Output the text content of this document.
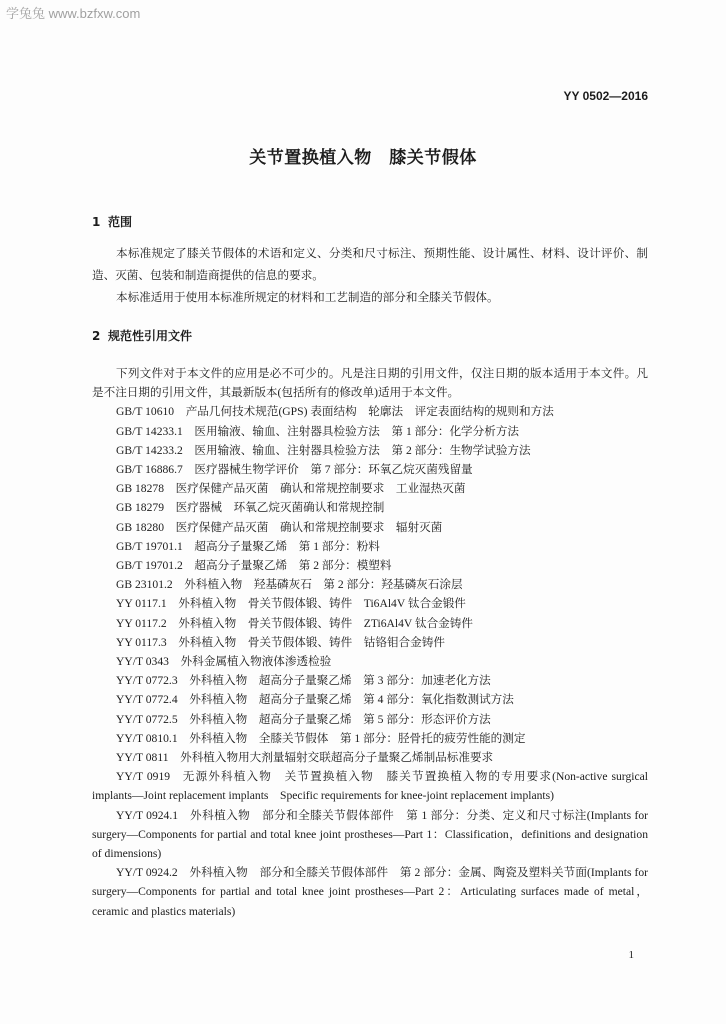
学兔兔 www.bzfxw.com
YY 0502—2016
关节置换植入物　膝关节假体
1 范围

本标准规定了膝关节假体的术语和定义、分类和尺寸标注、预期性能、设计属性、材料、设计评价、制造、灭菌、包装和制造商提供的信息的要求。

本标准适用于使用本标准所规定的材料和工艺制造的部分和全膝关节假体。

2 规范性引用文件

下列文件对于本文件的应用是必不可少的。凡是注日期的引用文件，仅注日期的版本适用于本文件。凡是不注日期的引用文件，其最新版本(包括所有的修改单)适用于本文件。

GB/T 10610 产品几何技术规范(GPS) 表面结构　轮廓法　评定表面结构的规则和方法

GB/T 14233.1 医用输液、输血、注射器具检验方法　第 1 部分：化学分析方法

GB/T 14233.2 医用输液、输血、注射器具检验方法　第 2 部分：生物学试验方法

GB/T 16886.7 医疗器械生物学评价　第 7 部分：环氧乙烷灭菌残留量

GB 18278 医疗保健产品灭菌　确认和常规控制要求　工业湿热灭菌

GB 18279 医疗器械　环氧乙烷灭菌确认和常规控制

GB 18280 医疗保健产品灭菌　确认和常规控制要求　辐射灭菌

GB/T 19701.1 超高分子量聚乙烯　第 1 部分：粉料

GB/T 19701.2 超高分子量聚乙烯　第 2 部分：模塑料

GB 23101.2 外科植入物　羟基磷灰石　第 2 部分：羟基磷灰石涂层

YY 0117.1 外科植入物　骨关节假体锻、铸件　Ti6Al4V 钛合金锻件

YY 0117.2 外科植入物　骨关节假体锻、铸件　ZTi6Al4V 钛合金铸件

YY 0117.3 外科植入物　骨关节假体锻、铸件　钴铬钼合金铸件

YY/T 0343 外科金属植入物液体渗透检验

YY/T 0772.3 外科植入物　超高分子量聚乙烯　第 3 部分：加速老化方法

YY/T 0772.4 外科植入物　超高分子量聚乙烯　第 4 部分：氧化指数测试方法

YY/T 0772.5 外科植入物　超高分子量聚乙烯　第 5 部分：形态评价方法

YY/T 0810.1 外科植入物　全膝关节假体　第 1 部分：胫骨托的疲劳性能的测定

YY/T 0811 外科植入物用大剂量辐射交联超高分子量聚乙烯制品标准要求

YY/T 0919 无源外科植入物　关节置换植入物　膝关节置换植入物的专用要求(Non-active surgical implants—Joint replacement implants　Specific requirements for knee-joint replacement implants)

YY/T 0924.1 外科植入物　部分和全膝关节假体部件　第 1 部分：分类、定义和尺寸标注(Implants for surgery—Components for partial and total knee joint prostheses—Part 1：Classification，definitions and designation of dimensions)

YY/T 0924.2 外科植入物　部分和全膝关节假体部件　第 2 部分：金属、陶瓷及塑料关节面(Implants for surgery—Components for partial and total knee joint prostheses—Part 2：Articulating surfaces made of metal，ceramic and plastics materials)

1
